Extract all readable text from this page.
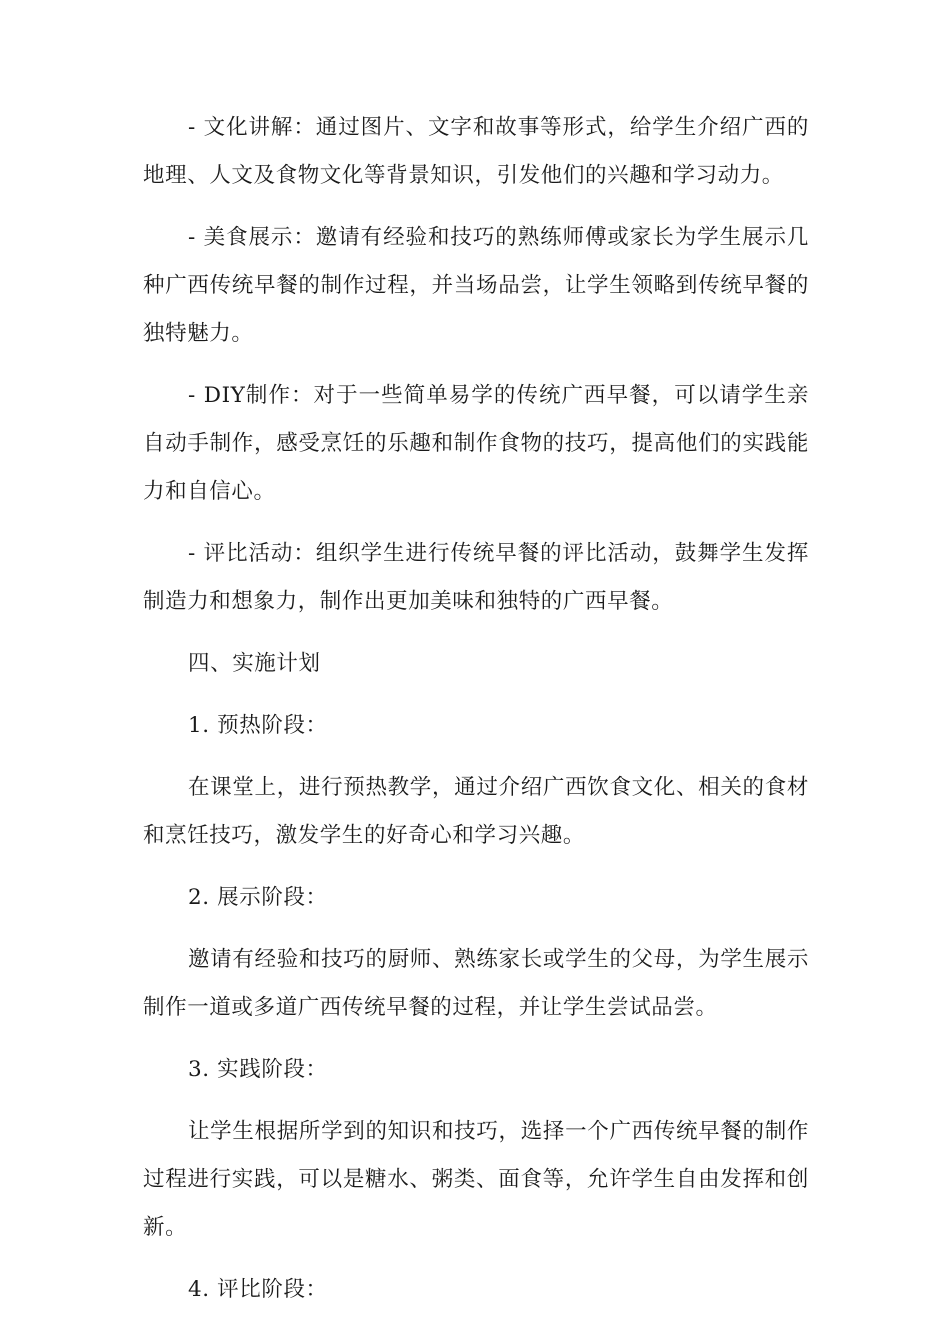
- 文化讲解：通过图片、文字和故事等形式，给学生介绍广西的地理、人文及食物文化等背景知识，引发他们的兴趣和学习动力。

- 美食展示：邀请有经验和技巧的熟练师傅或家长为学生展示几种广西传统早餐的制作过程，并当场品尝，让学生领略到传统早餐的独特魅力。

- DIY制作：对于一些简单易学的传统广西早餐，可以请学生亲自动手制作，感受烹饪的乐趣和制作食物的技巧，提高他们的实践能力和自信心。

- 评比活动：组织学生进行传统早餐的评比活动，鼓舞学生发挥制造力和想象力，制作出更加美味和独特的广西早餐。

四、实施计划

1. 预热阶段：

在课堂上，进行预热教学，通过介绍广西饮食文化、相关的食材和烹饪技巧，激发学生的好奇心和学习兴趣。

2. 展示阶段：

邀请有经验和技巧的厨师、熟练家长或学生的父母，为学生展示制作一道或多道广西传统早餐的过程，并让学生尝试品尝。

3. 实践阶段：

让学生根据所学到的知识和技巧，选择一个广西传统早餐的制作过程进行实践，可以是糖水、粥类、面食等，允许学生自由发挥和创新。

4. 评比阶段：
